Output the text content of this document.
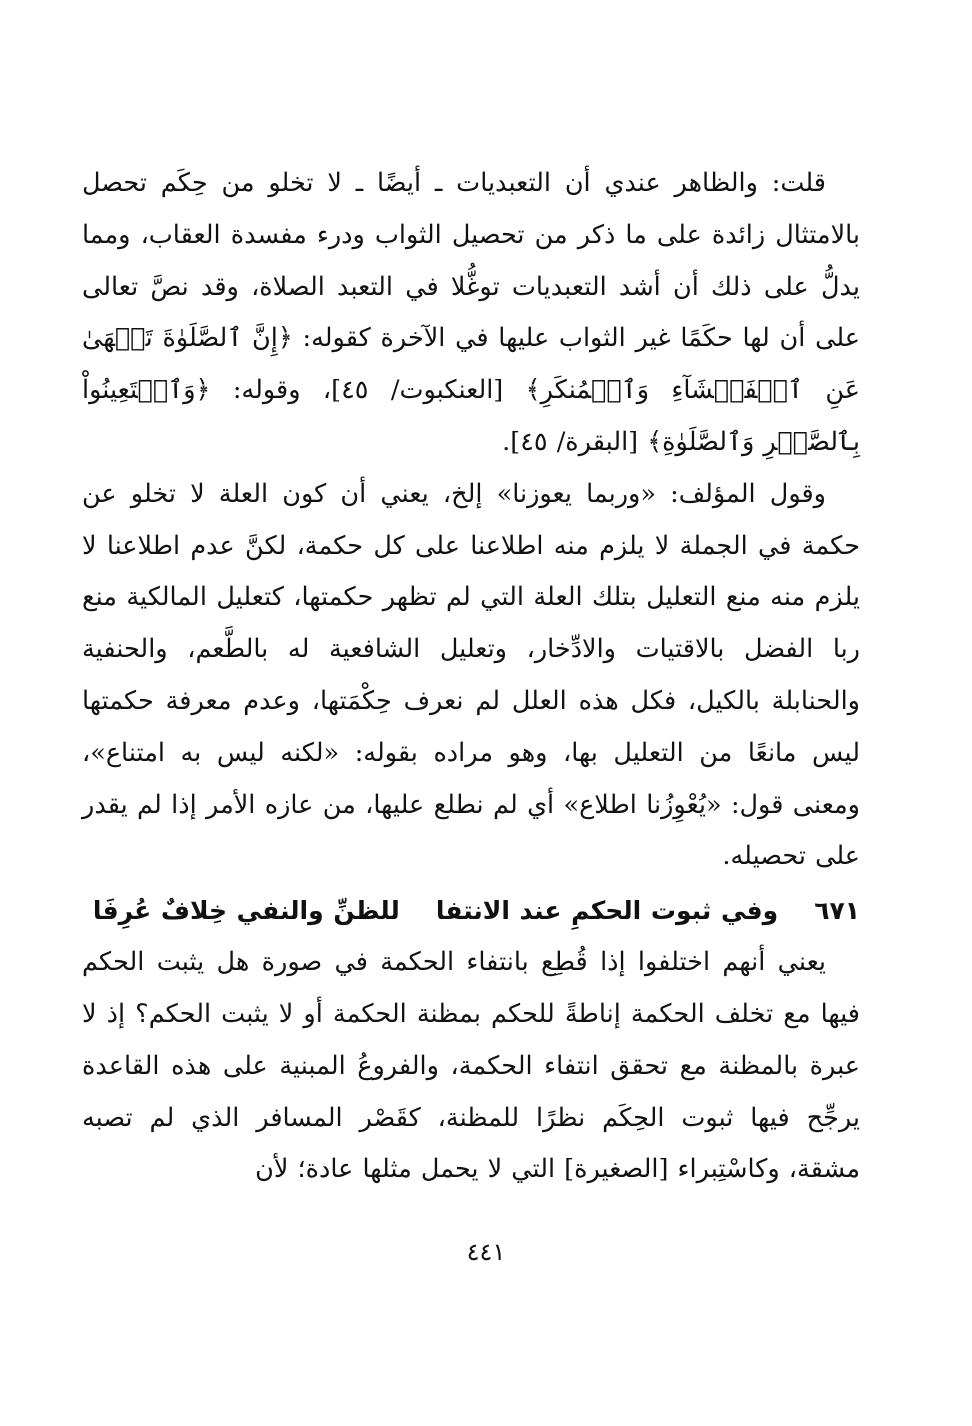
قلت: والظاهر عندي أن التعبديات ـ أيضًا ـ لا تخلو من حِكَم تحصل بالامتثال زائدة على ما ذكر من تحصيل الثواب ودرء مفسدة العقاب، ومما يدلُّ على ذلك أن أشد التعبديات توغُّلا في التعبد الصلاة، وقد نصَّ تعالى على أن لها حكَمًا غير الثواب عليها في الآخرة كقوله: ﴿إِنَّ ٱلصَّلَوٰةَ تَنۡهَىٰ عَنِ ٱلۡفَحۡشَآءِ وَٱلۡمُنكَرِ﴾ [العنكبوت/ ٤٥]، وقوله: ﴿وَٱسۡتَعِينُواْ بِٱلصَّبۡرِ وَٱلصَّلَوٰةِ﴾ [البقرة/ ٤٥].

وقول المؤلف: «وربما يعوزنا» إلخ، يعني أن كون العلة لا تخلو عن حكمة في الجملة لا يلزم منه اطلاعنا على كل حكمة، لكنَّ عدم اطلاعنا لا يلزم منه منع التعليل بتلك العلة التي لم تظهر حكمتها، كتعليل المالكية منع ربا الفضل بالاقتيات والادِّخار، وتعليل الشافعية له بالطَّعم، والحنفية والحنابلة بالكيل، فكل هذه العلل لم نعرف حِكْمَتها، وعدم معرفة حكمتها ليس مانعًا من التعليل بها، وهو مراده بقوله: «لكنه ليس به امتناع»، ومعنى قول: «يُعْوِزُنا اطلاع» أي لم نطلع عليها، من عازه الأمر إذا لم يقدر على تحصيله.

٦٧١
وفي ثبوت الحكمِ عند الانتفا
للظنِّ والنفي خِلافٌ عُرِفَا

يعني أنهم اختلفوا إذا قُطِع بانتفاء الحكمة في صورة هل يثبت الحكم فيها مع تخلف الحكمة إناطةً للحكم بمظنة الحكمة أو لا يثبت الحكم؟ إذ لا عبرة بالمظنة مع تحقق انتفاء الحكمة، والفروعُ المبنية على هذه القاعدة يرجِّح فيها ثبوت الحِكَم نظرًا للمظنة، كقَصْر المسافر الذي لم تصبه مشقة، وكاسْتِبراء [الصغيرة] التي لا يحمل مثلها عادة؛ لأن

٤٤١
